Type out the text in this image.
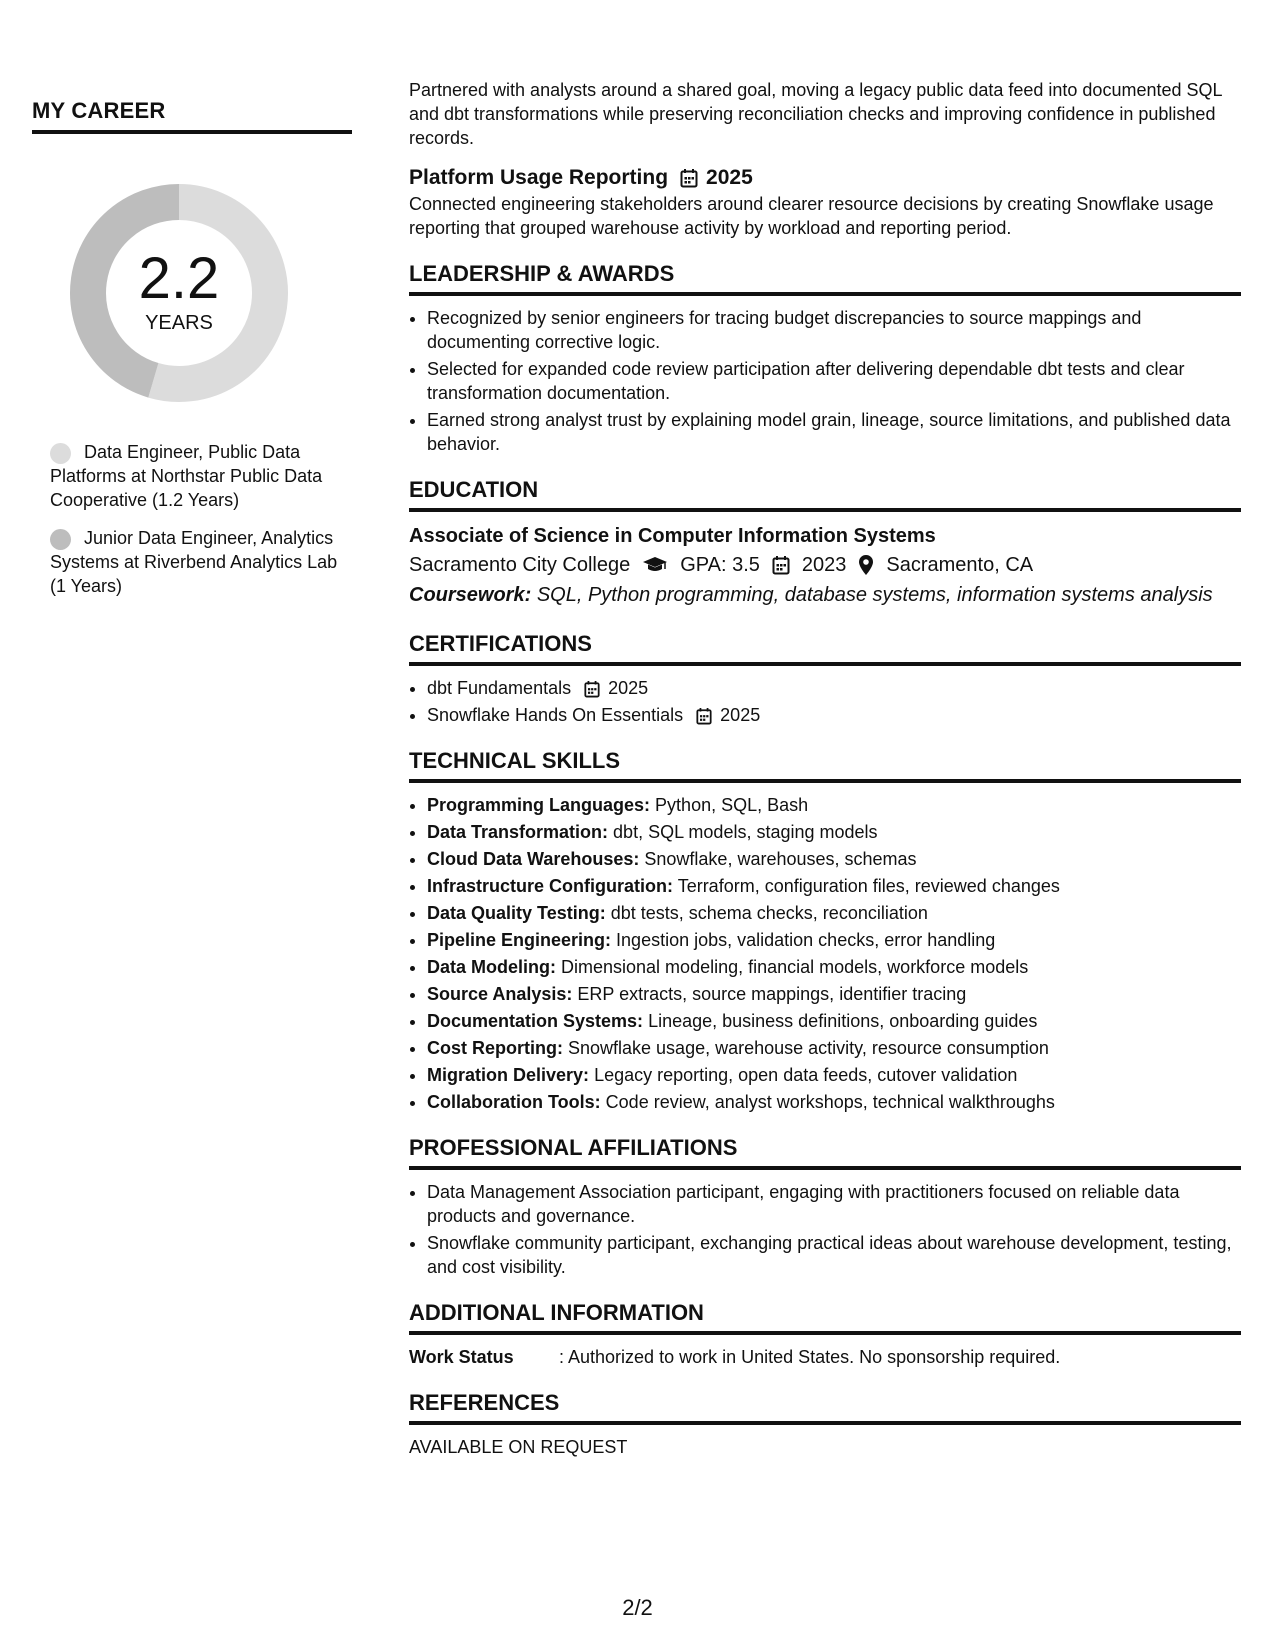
MY CAREER
2.2
YEARS
Data Engineer, Public Data Platforms at Northstar Public Data Cooperative (1.2 Years)
Junior Data Engineer, Analytics Systems at Riverbend Analytics Lab (1 Years)

Partnered with analysts around a shared goal, moving a legacy public data feed into documented SQL and dbt transformations while preserving reconciliation checks and improving confidence in published records.

Platform Usage Reporting 2025

Connected engineering stakeholders around clearer resource decisions by creating Snowflake usage reporting that grouped warehouse activity by workload and reporting period.

LEADERSHIP & AWARDS
• Recognized by senior engineers for tracing budget discrepancies to source mappings and documenting corrective logic.
• Selected for expanded code review participation after delivering dependable dbt tests and clear transformation documentation.
• Earned strong analyst trust by explaining model grain, lineage, source limitations, and published data behavior.
EDUCATION
Associate of Science in Computer Information Systems
Sacramento City College	GPA: 3.5 2023 Sacramento, CA
Coursework: SQL, Python programming, database systems, information systems analysis
CERTIFICATIONS
• dbt Fundamentals 2025
• Snowflake Hands On Essentials 2025
TECHNICAL SKILLS
• Programming Languages: Python, SQL, Bash
• Data Transformation: dbt, SQL models, staging models
• Cloud Data Warehouses: Snowflake, warehouses, schemas
• Infrastructure Configuration: Terraform, configuration files, reviewed changes
• Data Quality Testing: dbt tests, schema checks, reconciliation
• Pipeline Engineering: Ingestion jobs, validation checks, error handling
• Data Modeling: Dimensional modeling, financial models, workforce models
• Source Analysis: ERP extracts, source mappings, identifier tracing
• Documentation Systems: Lineage, business definitions, onboarding guides
• Cost Reporting: Snowflake usage, warehouse activity, resource consumption
• Migration Delivery: Legacy reporting, open data feeds, cutover validation
• Collaboration Tools: Code review, analyst workshops, technical walkthroughs
PROFESSIONAL AFFILIATIONS
• Data Management Association participant, engaging with practitioners focused on reliable data products and governance.
• Snowflake community participant, exchanging practical ideas about warehouse development, testing, and cost visibility.
ADDITIONAL INFORMATION
Work Status	: Authorized to work in United States. No sponsorship required.
REFERENCES
AVAILABLE ON REQUEST
2/2
